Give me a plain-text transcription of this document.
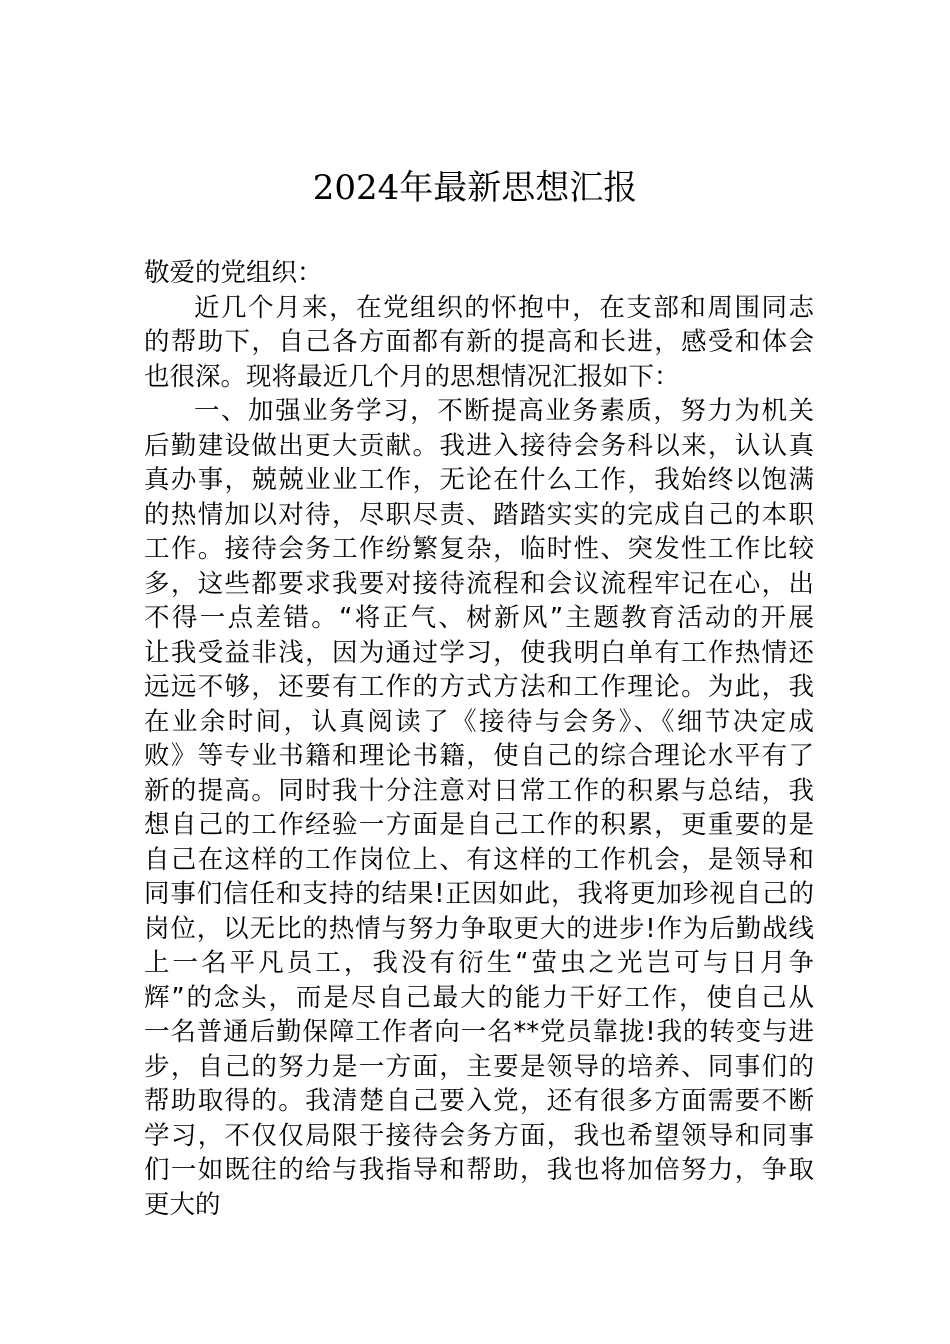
2024年最新思想汇报
敬爱的党组织：
近几个月来，在党组织的怀抱中，在支部和周围同志
的帮助下，自己各方面都有新的提高和长进，感受和体会
也很深。现将最近几个月的思想情况汇报如下：
一、加强业务学习，不断提高业务素质，努力为机关
后勤建设做出更大贡献。我进入接待会务科以来，认认真
真办事，兢兢业业工作，无论在什么工作，我始终以饱满
的热情加以对待，尽职尽责、踏踏实实的完成自己的本职
工作。接待会务工作纷繁复杂，临时性、突发性工作比较
多，这些都要求我要对接待流程和会议流程牢记在心，出
不得一点差错。“将正气、树新风”主题教育活动的开展
让我受益非浅，因为通过学习，使我明白单有工作热情还
远远不够，还要有工作的方式方法和工作理论。为此，我
在业余时间，认真阅读了《接待与会务》、《细节决定成
败》等专业书籍和理论书籍，使自己的综合理论水平有了
新的提高。同时我十分注意对日常工作的积累与总结，我
想自己的工作经验一方面是自己工作的积累，更重要的是
自己在这样的工作岗位上、有这样的工作机会，是领导和
同事们信任和支持的结果!正因如此，我将更加珍视自己的
岗位，以无比的热情与努力争取更大的进步!作为后勤战线
上一名平凡员工，我没有衍生“萤虫之光岂可与日月争
辉”的念头，而是尽自己最大的能力干好工作，使自己从
一名普通后勤保障工作者向一名**党员靠拢!我的转变与进
步，自己的努力是一方面，主要是领导的培养、同事们的
帮助取得的。我清楚自己要入党，还有很多方面需要不断
学习，不仅仅局限于接待会务方面，我也希望领导和同事
们一如既往的给与我指导和帮助，我也将加倍努力，争取
更大的
